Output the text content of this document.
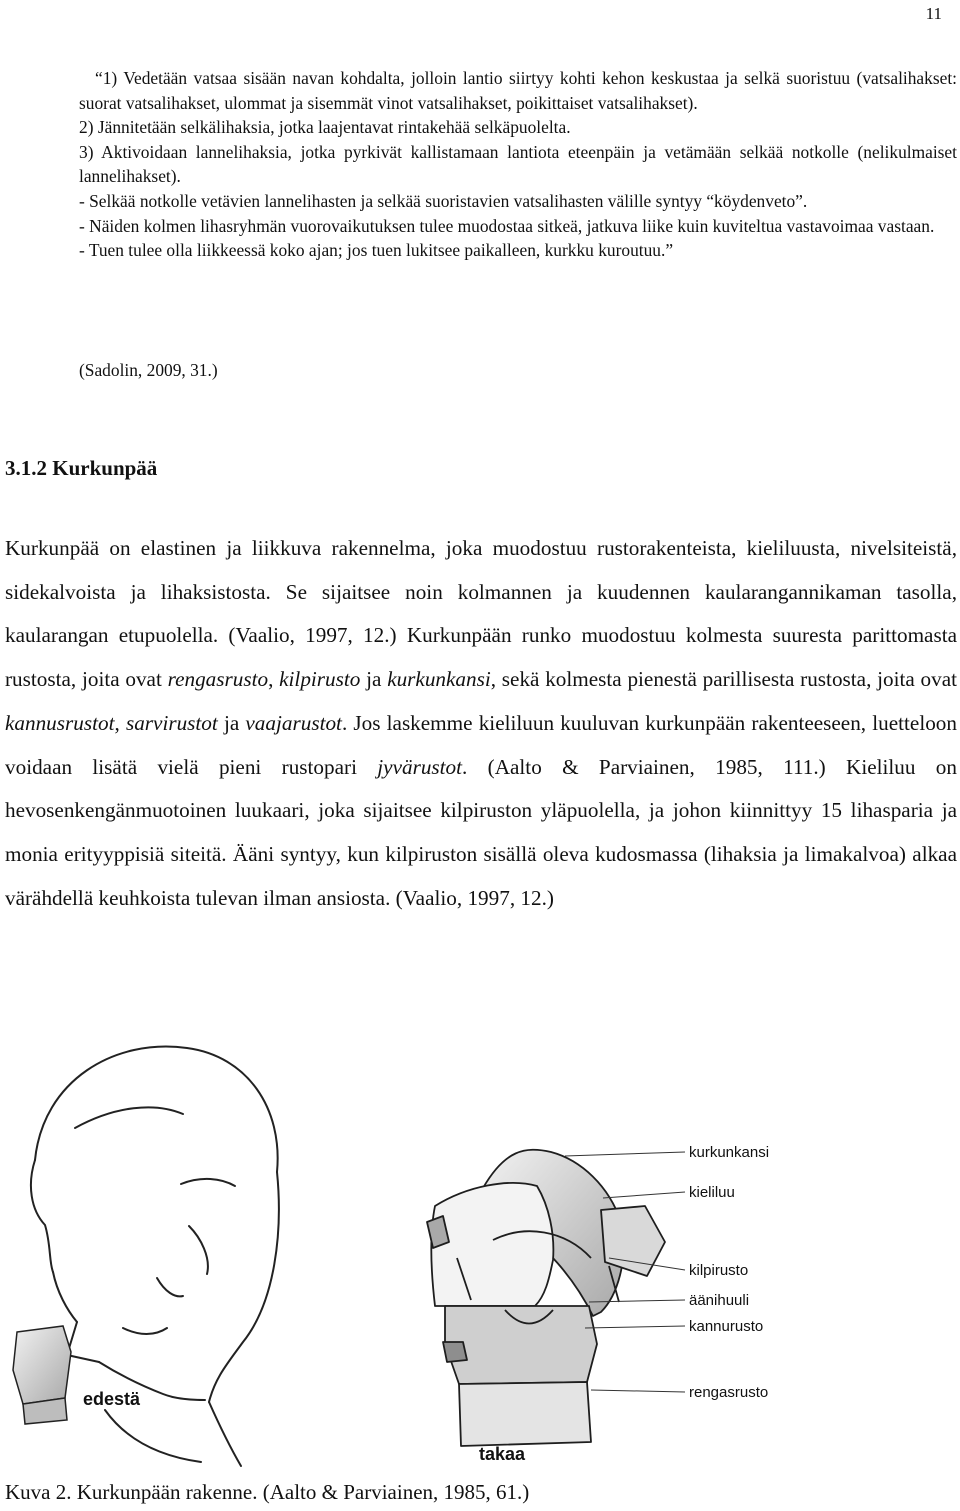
11

“1) Vedetään vatsaa sisään navan kohdalta, jolloin lantio siirtyy kohti kehon keskustaa ja selkä suoristuu (vatsalihakset: suorat vatsalihakset, ulommat ja sisemmät vinot vatsalihakset, poikittaiset vatsalihakset).

2) Jännitetään selkälihaksia, jotka laajentavat rintakehää selkäpuolelta.

3) Aktivoidaan lannelihaksia, jotka pyrkivät kallistamaan lantiota eteenpäin ja vetämään selkää notkolle (nelikulmaiset lannelihakset).

- Selkää notkolle vetävien lannelihasten ja selkää suoristavien vatsalihasten välille syntyy “köydenveto”.

- Näiden kolmen lihasryhmän vuorovaikutuksen tulee muodostaa sitkeä, jatkuva liike kuin kuviteltua vastavoimaa vastaan.

- Tuen tulee olla liikkeessä koko ajan; jos tuen lukitsee paikalleen, kurkku kuroutuu.”

(Sadolin, 2009, 31.)
3.1.2 Kurkunpää

Kurkunpää on elastinen ja liikkuva rakennelma, joka muodostuu rustorakenteista, kieliluusta, nivelsiteistä, sidekalvoista ja lihaksistosta. Se sijaitsee noin kolmannen ja kuudennen kaularangannikaman tasolla, kaularangan etupuolella. (Vaalio, 1997, 12.) Kurkunpään runko muodostuu kolmesta suuresta parittomasta rustosta, joita ovat rengasrusto, kilpirusto ja kurkunkansi, sekä kolmesta pienestä parillisesta rustosta, joita ovat kannusrustot, sarvirustot ja vaajarustot. Jos laskemme kieliluun kuuluvan kurkunpään rakenteeseen, luetteloon voidaan lisätä vielä pieni rustopari jyvärustot. (Aalto & Parviainen, 1985, 111.) Kieliluu on hevosenkengänmuotoinen luukaari, joka sijaitsee kilpiruston yläpuolella, ja johon kiinnittyy 15 lihasparia ja monia erityyppisiä siteitä. Ääni syntyy, kun kilpiruston sisällä oleva kudosmassa (lihaksia ja limakalvoa) alkaa värähdellä keuhkoista tulevan ilman ansiosta. (Vaalio, 1997, 12.)

kurkunkansi
kieliluu
kilpirusto
äänihuuli
kannurusto
rengasrusto
edestä
takaa
Kuva 2. Kurkunpään rakenne. (Aalto & Parviainen, 1985, 61.)
